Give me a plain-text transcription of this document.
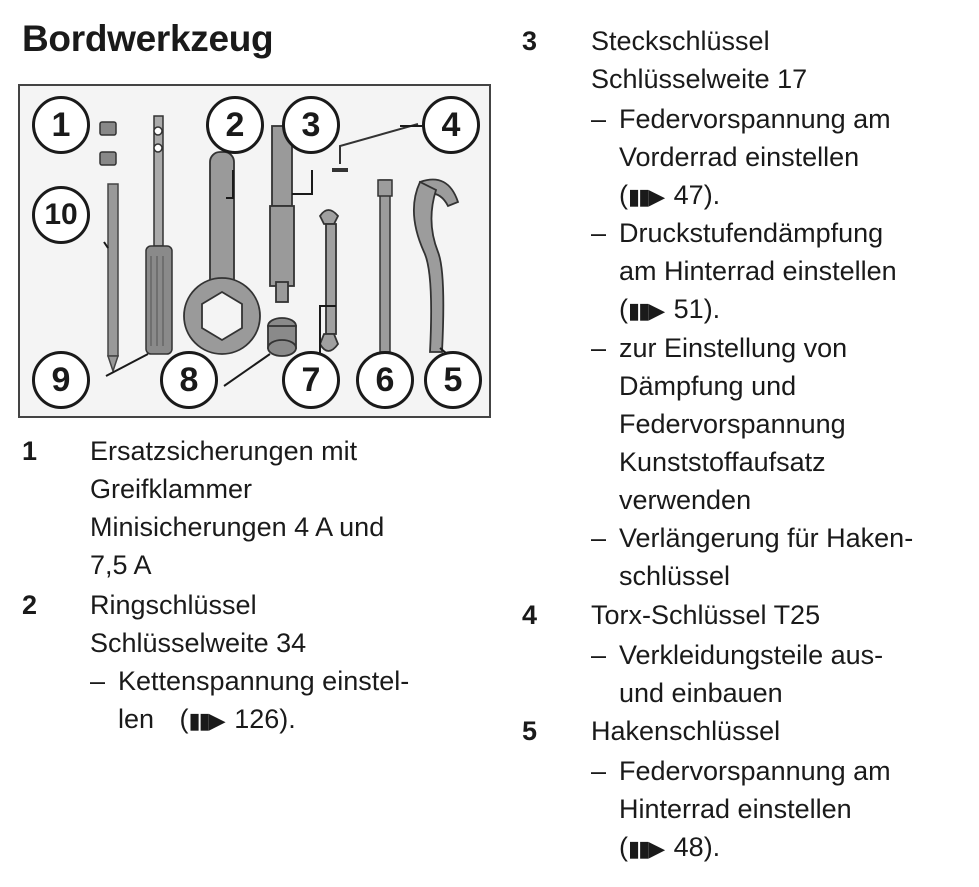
Bordwerkzeug
1	2	3	4
10
9	8	7	6	5
1 Ersatzsicherungen mit
Greifklammer
Minisicherungen 4 A und
7,5 A
2 Ringschlüssel
Schlüsselweite 34
– Kettenspannung einstel-
len (▮▮▶ 126).
3 Steckschlüssel
Schlüsselweite 17
– Federvorspannung am
Vorderrad einstellen
(▮▮▶ 47).
– Druckstufendämpfung
am Hinterrad einstellen
(▮▮▶ 51).
– zur Einstellung von
Dämpfung und
Federvorspannung
Kunststoffaufsatz
verwenden
– Verlängerung für Haken-
schlüssel
4 Torx-Schlüssel T25
– Verkleidungsteile aus-
und einbauen
5 Hakenschlüssel
– Federvorspannung am
Hinterrad einstellen
(▮▮▶ 48).
